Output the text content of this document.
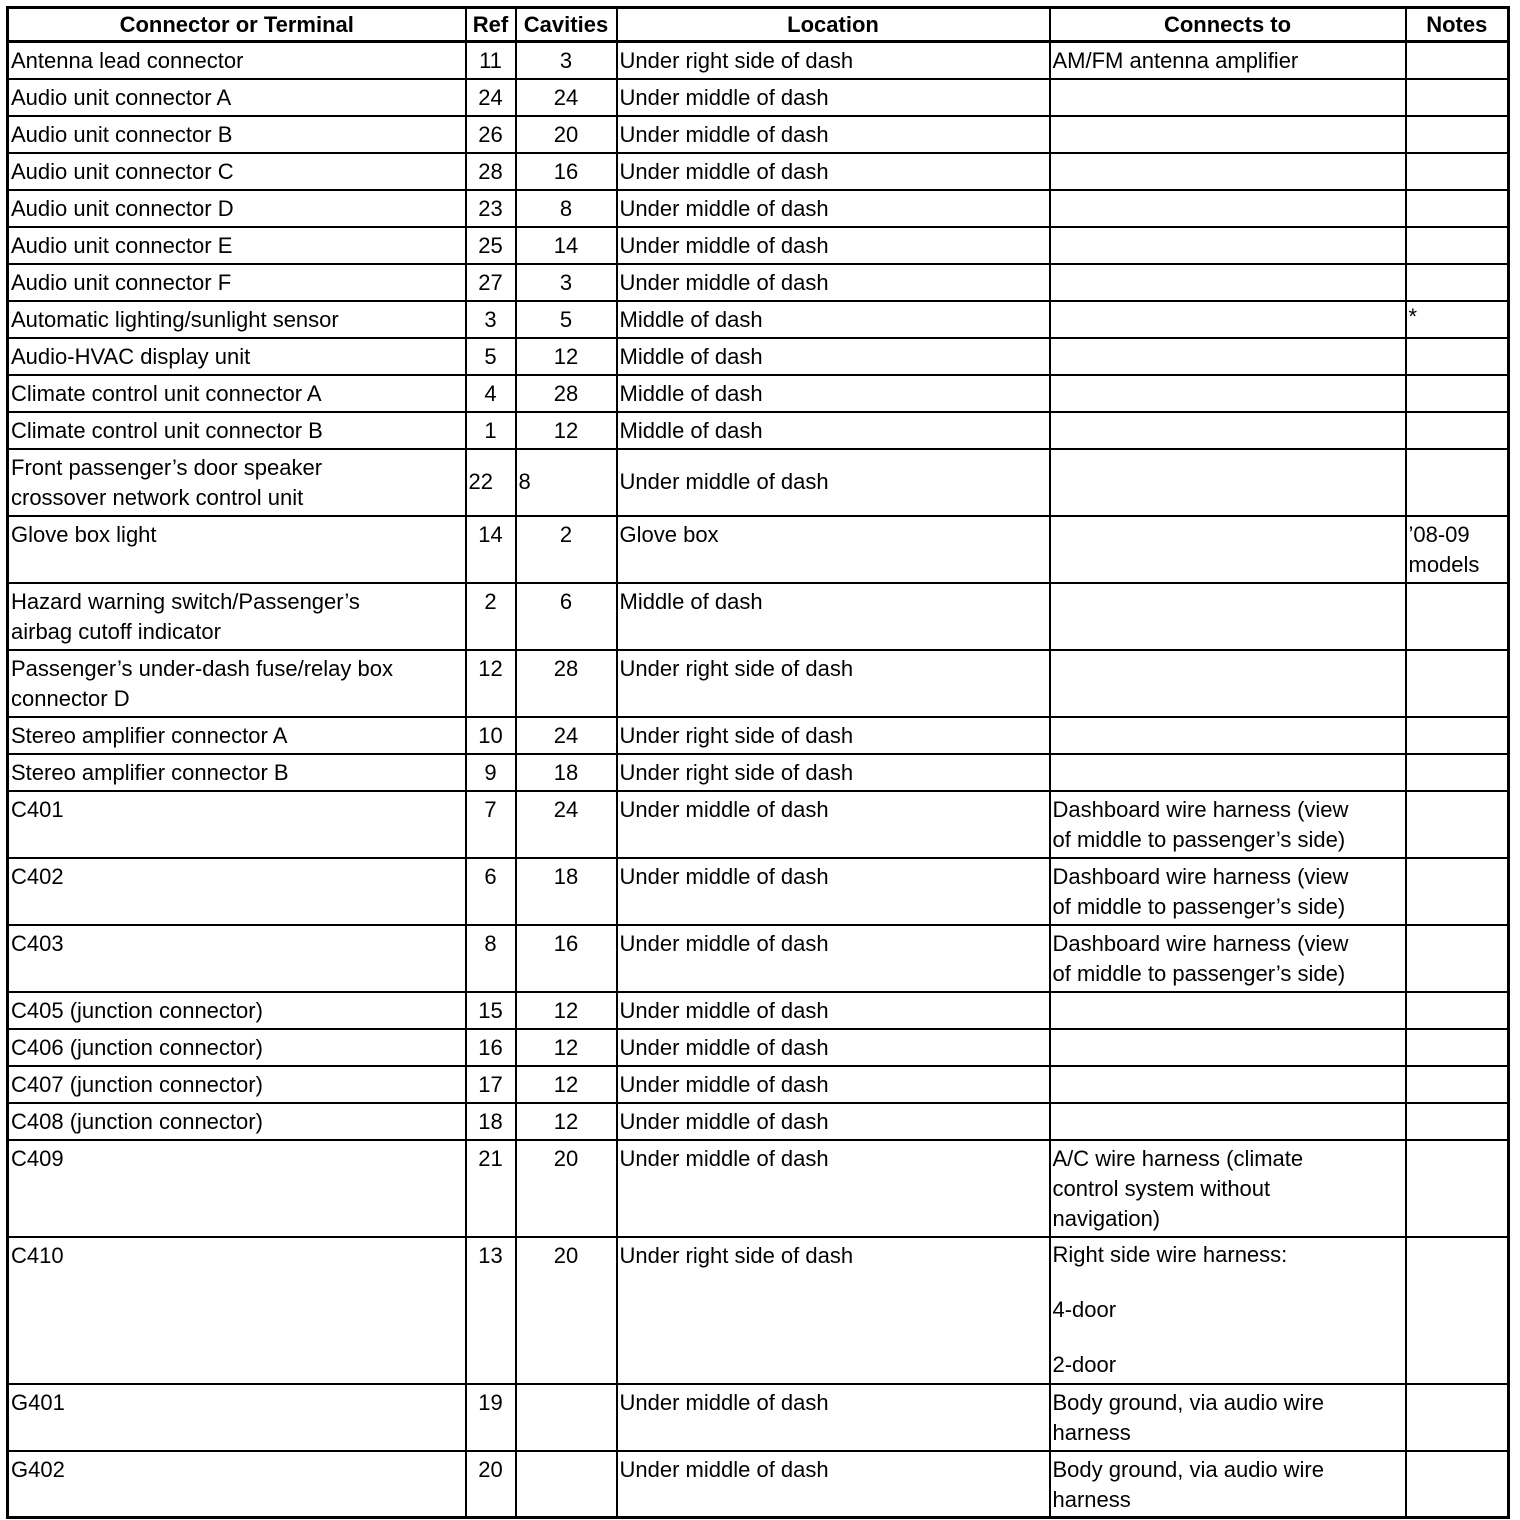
Connector or Terminal	Ref	Cavities	Location	Connects to	Notes
Antenna lead connector	11	3	Under right side of dash	AM/FM antenna amplifier	
Audio unit connector A	24	24	Under middle of dash		
Audio unit connector B	26	20	Under middle of dash		
Audio unit connector C	28	16	Under middle of dash		
Audio unit connector D	23	8	Under middle of dash		
Audio unit connector E	25	14	Under middle of dash		
Audio unit connector F	27	3	Under middle of dash		
Automatic lighting/sunlight sensor	3	5	Middle of dash		*
Audio-HVAC display unit	5	12	Middle of dash		
Climate control unit connector A	4	28	Middle of dash		
Climate control unit connector B	1	12	Middle of dash		
Front passenger’s door speaker
crossover network control unit	22	8	Under middle of dash		
Glove box light	14	2	Glove box		’08-09
models
Hazard warning switch/Passenger’s
airbag cutoff indicator	2	6	Middle of dash		
Passenger’s under-dash fuse/relay box
connector D	12	28	Under right side of dash		
Stereo amplifier connector A	10	24	Under right side of dash		
Stereo amplifier connector B	9	18	Under right side of dash		
C401	7	24	Under middle of dash	Dashboard wire harness (view
of middle to passenger’s side)	
C402	6	18	Under middle of dash	Dashboard wire harness (view
of middle to passenger’s side)	
C403	8	16	Under middle of dash	Dashboard wire harness (view
of middle to passenger’s side)	
C405 (junction connector)	15	12	Under middle of dash		
C406 (junction connector)	16	12	Under middle of dash		
C407 (junction connector)	17	12	Under middle of dash		
C408 (junction connector)	18	12	Under middle of dash		
C409	21	20	Under middle of dash	A/C wire harness (climate
control system without
navigation)	
C410	13	20	Under right side of dash	Right side wire harness:

4-door

2-door	
G401	19		Under middle of dash	Body ground, via audio wire
harness	
G402	20		Under middle of dash	Body ground, via audio wire
harness	
